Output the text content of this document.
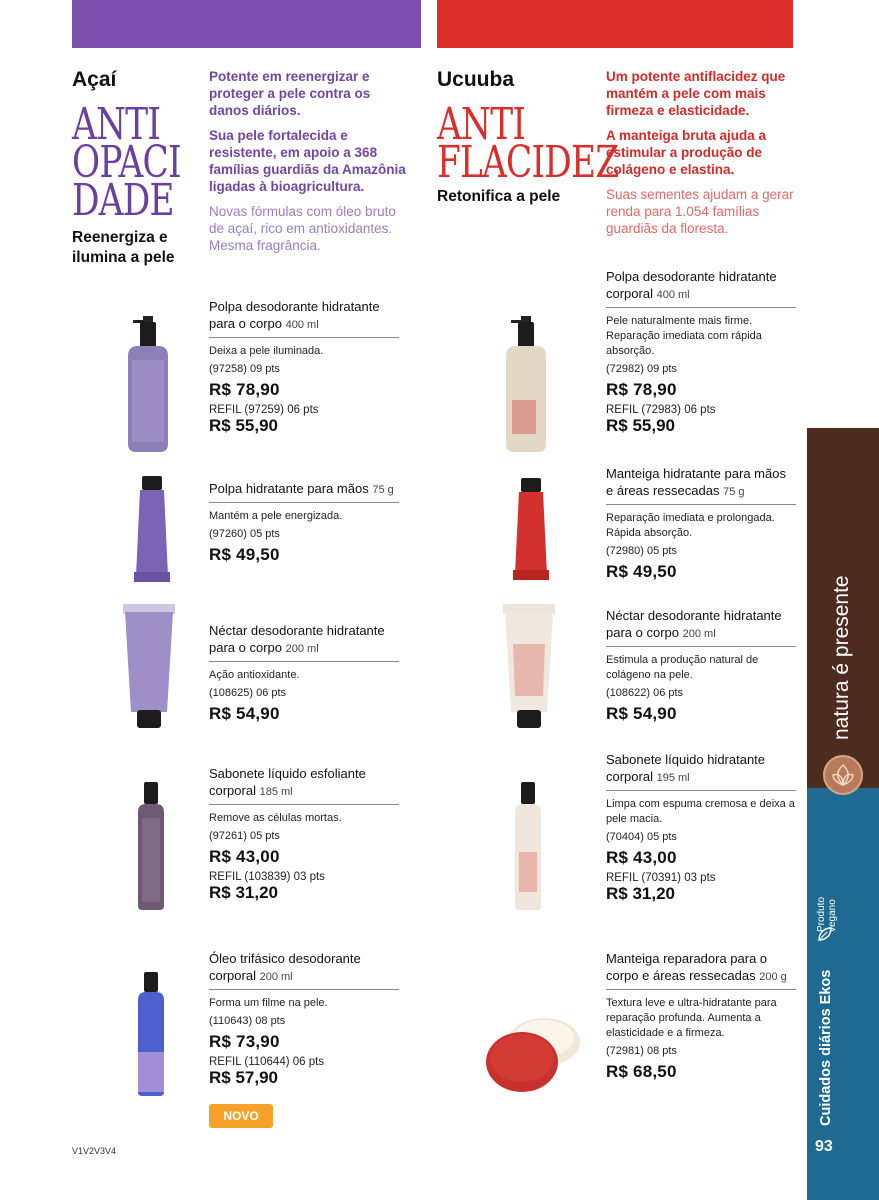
Açaí
ANTI
OPACI
DADE
Reenergiza e
ilumina a pele

Potente em reenergizar e proteger a pele contra os danos diários.

Sua pele fortalecida e resistente, em apoio a 368 famílias guardiãs da Amazônia ligadas à bioagricultura.

Novas fórmulas com óleo bruto de açaí, rico em antioxidantes. Mesma fragrância.

Ucuuba
ANTI
FLACIDEZ
Retonifica a pele

Um potente antiflacidez que mantém a pele com mais firmeza e elasticidade.

A manteiga bruta ajuda a estimular a produção de colágeno e elastina.

Suas sementes ajudam a gerar renda para 1.054 famílias guardiãs da floresta.

Polpa desodorante hidratante para o corpo 400 ml
Deixa a pele iluminada.
(97258) 09 pts
R$ 78,90
REFIL (97259) 06 pts
R$ 55,90
Polpa hidratante para mãos 75 g
Mantém a pele energizada.
(97260) 05 pts
R$ 49,50
Néctar desodorante hidratante para o corpo 200 ml
Ação antioxidante.
(108625) 06 pts
R$ 54,90
Sabonete líquido esfoliante corporal 185 ml
Remove as células mortas.
(97261) 05 pts
R$ 43,00
REFIL (103839) 03 pts
R$ 31,20
Óleo trifásico desodorante corporal 200 ml
Forma um filme na pele.
(110643) 08 pts
R$ 73,90
REFIL (110644) 06 pts
R$ 57,90
NOVO
Polpa desodorante hidratante corporal 400 ml
Pele naturalmente mais firme. Reparação imediata com rápida absorção.
(72982) 09 pts
R$ 78,90
REFIL (72983) 06 pts
R$ 55,90
Manteiga hidratante para mãos e áreas ressecadas 75 g
Reparação imediata e prolongada. Rápida absorção.
(72980) 05 pts
R$ 49,50
Néctar desodorante hidratante para o corpo 200 ml
Estimula a produção natural de colágeno na pele.
(108622) 06 pts
R$ 54,90
Sabonete líquido hidratante corporal 195 ml
Limpa com espuma cremosa e deixa a pele macia.
(70404) 05 pts
R$ 43,00
REFIL (70391) 03 pts
R$ 31,20
Manteiga reparadora para o corpo e áreas ressecadas 200 g
Textura leve e ultra-hidratante para reparação profunda. Aumenta a elasticidade e a firmeza.
(72981) 08 pts
R$ 68,50
natura é presente
Produto
vegano
Cuidados diários Ekos
93
V1V2V3V4
